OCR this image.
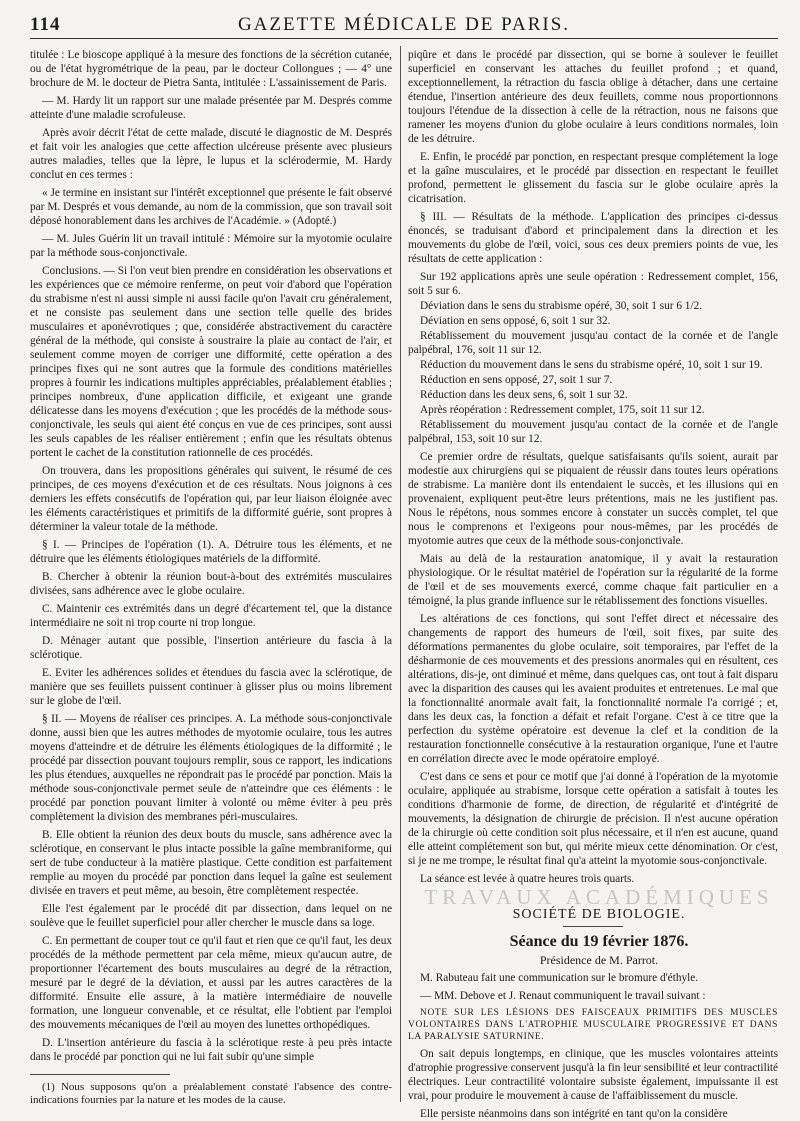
114	GAZETTE MÉDICALE DE PARIS.

titulée : Le bioscope appliqué à la mesure des fonctions de la sécrétion cutanée, ou de l'état hygrométrique de la peau, par le docteur Collongues ; — 4° une brochure de M. le docteur de Pietra Santa, intitulée : L'assainissement de Paris.

— M. Hardy lit un rapport sur une malade présentée par M. Després comme atteinte d'une maladie scrofuleuse.

Après avoir décrit l'état de cette malade, discuté le diagnostic de M. Després et fait voir les analogies que cette affection ulcéreuse présente avec plusieurs autres maladies, telles que la lèpre, le lupus et la sclérodermie, M. Hardy conclut en ces termes :

« Je termine en insistant sur l'intérêt exceptionnel que présente le fait observé par M. Després et vous demande, au nom de la commission, que son travail soit déposé honorablement dans les archives de l'Académie. » (Adopté.)

— M. Jules Guérin lit un travail intitulé : Mémoire sur la myotomie oculaire par la méthode sous-conjonctivale.

Conclusions. — Si l'on veut bien prendre en considération les observations et les expériences que ce mémoire renferme, on peut voir d'abord que l'opération du strabisme n'est ni aussi simple ni aussi facile qu'on l'avait cru généralement, et ne consiste pas seulement dans une section telle quelle des brides musculaires et aponévrotiques ; que, considérée abstractivement du caractère général de la méthode, qui consiste à soustraire la plaie au contact de l'air, et seulement comme moyen de corriger une difformité, cette opération a des principes fixes qui ne sont autres que la formule des conditions matérielles propres à fournir les indications multiples appréciables, préalablement établies ; principes nombreux, d'une application difficile, et exigeant une grande délicatesse dans les moyens d'exécution ; que les procédés de la méthode sous-conjonctivale, les seuls qui aient été conçus en vue de ces principes, sont aussi les seuls capables de les réaliser entièrement ; enfin que les résultats obtenus portent le cachet de la constitution rationnelle de ces procédés.

On trouvera, dans les propositions générales qui suivent, le résumé de ces principes, de ces moyens d'exécution et de ces résultats. Nous joignons à ces derniers les effets consécutifs de l'opération qui, par leur liaison éloignée avec les éléments caractéristiques et primitifs de la difformité guérie, sont propres à déterminer la valeur totale de la méthode.

§ I. — Principes de l'opération (1). A. Détruire tous les éléments, et ne détruire que les éléments étiologiques matériels de la difformité.

B. Chercher à obtenir la réunion bout-à-bout des extrémités musculaires divisées, sans adhérence avec le globe oculaire.

C. Maintenir ces extrémités dans un degré d'écartement tel, que la distance intermédiaire ne soit ni trop courte ni trop longue.

D. Ménager autant que possible, l'insertion antérieure du fascia à la sclérotique.

E. Eviter les adhérences solides et étendues du fascia avec la sclérotique, de manière que ses feuillets puissent continuer à glisser plus ou moins librement sur le globe de l'œil.

§ II. — Moyens de réaliser ces principes. A. La méthode sous-conjonctivale donne, aussi bien que les autres méthodes de myotomie oculaire, tous les autres moyens d'atteindre et de détruire les éléments étiologiques de la difformité ; le procédé par dissection pouvant toujours remplir, sous ce rapport, les indications les plus étendues, auxquelles ne répondrait pas le procédé par ponction. Mais la méthode sous-conjonctivale permet seule de n'atteindre que ces éléments : le procédé par ponction pouvant limiter à volonté ou même éviter à peu près complètement la division des membranes péri-musculaires.

B. Elle obtient la réunion des deux bouts du muscle, sans adhérence avec la sclérotique, en conservant le plus intacte possible la gaîne membraniforme, qui sert de tube conducteur à la matière plastique. Cette condition est parfaitement remplie au moyen du procédé par ponction dans lequel la gaîne est seulement divisée en travers et peut même, au besoin, être complètement respectée.

Elle l'est également par le procédé dit par dissection, dans lequel on ne soulève que le feuillet superficiel pour aller chercher le muscle dans sa loge.

C. En permettant de couper tout ce qu'il faut et rien que ce qu'il faut, les deux procédés de la méthode permettent par cela même, mieux qu'aucun autre, de proportionner l'écartement des bouts musculaires au degré de la rétraction, mesuré par le degré de la déviation, et aussi par les autres caractères de la difformité. Ensuite elle assure, à la matière intermédiaire de nouvelle formation, une longueur convenable, et ce résultat, elle l'obtient par l'emploi des mouvements mécaniques de l'œil au moyen des lunettes orthopédiques.

D. L'insertion antérieure du fascia à la sclérotique reste à peu près intacte dans le procédé par ponction qui ne lui fait subir qu'une simple

(1) Nous supposons qu'on a préalablement constaté l'absence des contre-indications fournies par la nature et les modes de la cause.

piqûre et dans le procédé par dissection, qui se borne à soulever le feuillet superficiel en conservant les attaches du feuillet profond ; et quand, exceptionnellement, la rétraction du fascia oblige à détacher, dans une certaine étendue, l'insertion antérieure des deux feuillets, comme nous proportionnons toujours l'étendue de la dissection à celle de la rétraction, nous ne faisons que ramener les moyens d'union du globe oculaire à leurs conditions normales, loin de les détruire.

E. Enfin, le procédé par ponction, en respectant presque complétement la loge et la gaîne musculaires, et le procédé par dissection en respectant le feuillet profond, permettent le glissement du fascia sur le globe oculaire après la cicatrisation.

§ III. — Résultats de la méthode. L'application des principes ci-dessus énoncés, se traduisant d'abord et principalement dans la direction et les mouvements du globe de l'œil, voici, sous ces deux premiers points de vue, les résultats de cette application :

Sur 192 applications après une seule opération : Redressement complet, 156, soit 5 sur 6.

Déviation dans le sens du strabisme opéré, 30, soit 1 sur 6 1/2.

Déviation en sens opposé, 6, soit 1 sur 32.

Rétablissement du mouvement jusqu'au contact de la cornée et de l'angle palpébral, 176, soit 11 sur 12.

Réduction du mouvement dans le sens du strabisme opéré, 10, soit 1 sur 19.

Réduction en sens opposé, 27, soit 1 sur 7.

Réduction dans les deux sens, 6, soit 1 sur 32.

Après réopération : Redressement complet, 175, soit 11 sur 12.

Rétablissement du mouvement jusqu'au contact de la cornée et de l'angle palpébral, 153, soit 10 sur 12.

Ce premier ordre de résultats, quelque satisfaisants qu'ils soient, aurait par modestie aux chirurgiens qui se piquaient de réussir dans toutes leurs opérations de strabisme. La manière dont ils entendaient le succès, et les illusions qui en provenaient, expliquent peut-être leurs prétentions, mais ne les justifient pas. Nous le répétons, nous sommes encore à constater un succès complet, tel que nous le comprenons et l'exigeons pour nous-mêmes, par les procédés de myotomie autres que ceux de la méthode sous-conjonctivale.

Mais au delà de la restauration anatomique, il y avait la restauration physiologique. Or le résultat matériel de l'opération sur la régularité de la forme de l'œil et de ses mouvements exercé, comme chaque fait particulier en a témoigné, la plus grande influence sur le rétablissement des fonctions visuelles.

Les altérations de ces fonctions, qui sont l'effet direct et nécessaire des changements de rapport des humeurs de l'œil, soit fixes, par suite des déformations permanentes du globe oculaire, soit temporaires, par l'effet de la désharmonie de ces mouvements et des pressions anormales qui en résultent, ces altérations, dis-je, ont diminué et même, dans quelques cas, ont tout à fait disparu avec la disparition des causes qui les avaient produites et entretenues. Le mal que la fonctionnalité anormale avait fait, la fonctionnalité normale l'a corrigé ; et, dans les deux cas, la fonction a défait et refait l'organe. C'est à ce titre que la perfection du système opératoire est devenue la clef et la condition de la restauration fonctionnelle consécutive à la restauration organique, l'une et l'autre en corrélation directe avec le mode opératoire employé.

C'est dans ce sens et pour ce motif que j'ai donné à l'opération de la myotomie oculaire, appliquée au strabisme, lorsque cette opération a satisfait à toutes les conditions d'harmonie de forme, de direction, de régularité et d'intégrité de mouvements, la désignation de chirurgie de précision. Il n'est aucune opération de la chirurgie où cette condition soit plus nécessaire, et il n'en est aucune, quand elle atteint complétement son but, qui mérite mieux cette dénomination. Or c'est, si je ne me trompe, le résultat final qu'a atteint la myotomie sous-conjonctivale.

La séance est levée à quatre heures trois quarts.

TRAVAUX ACADÉMIQUES

SOCIÉTÉ DE BIOLOGIE.

Séance du 19 février 1876.

Présidence de M. Parrot.

M. Rabuteau fait une communication sur le bromure d'éthyle.

— MM. Debove et J. Renaut communiquent le travail suivant :

NOTE SUR LES LÉSIONS DES FAISCEAUX PRIMITIFS DES MUSCLES VOLONTAIRES DANS L'ATROPHIE MUSCULAIRE PROGRESSIVE ET DANS LA PARALYSIE SATURNINE.

On sait depuis longtemps, en clinique, que les muscles volontaires atteints d'atrophie progressive conservent jusqu'à la fin leur sensibilité et leur contractilité électriques. Leur contractilité volontaire subsiste également, impuissante il est vrai, pour produire le mouvement à cause de l'affaiblissement du muscle.

Elle persiste néanmoins dans son intégrité en tant qu'on la considère
